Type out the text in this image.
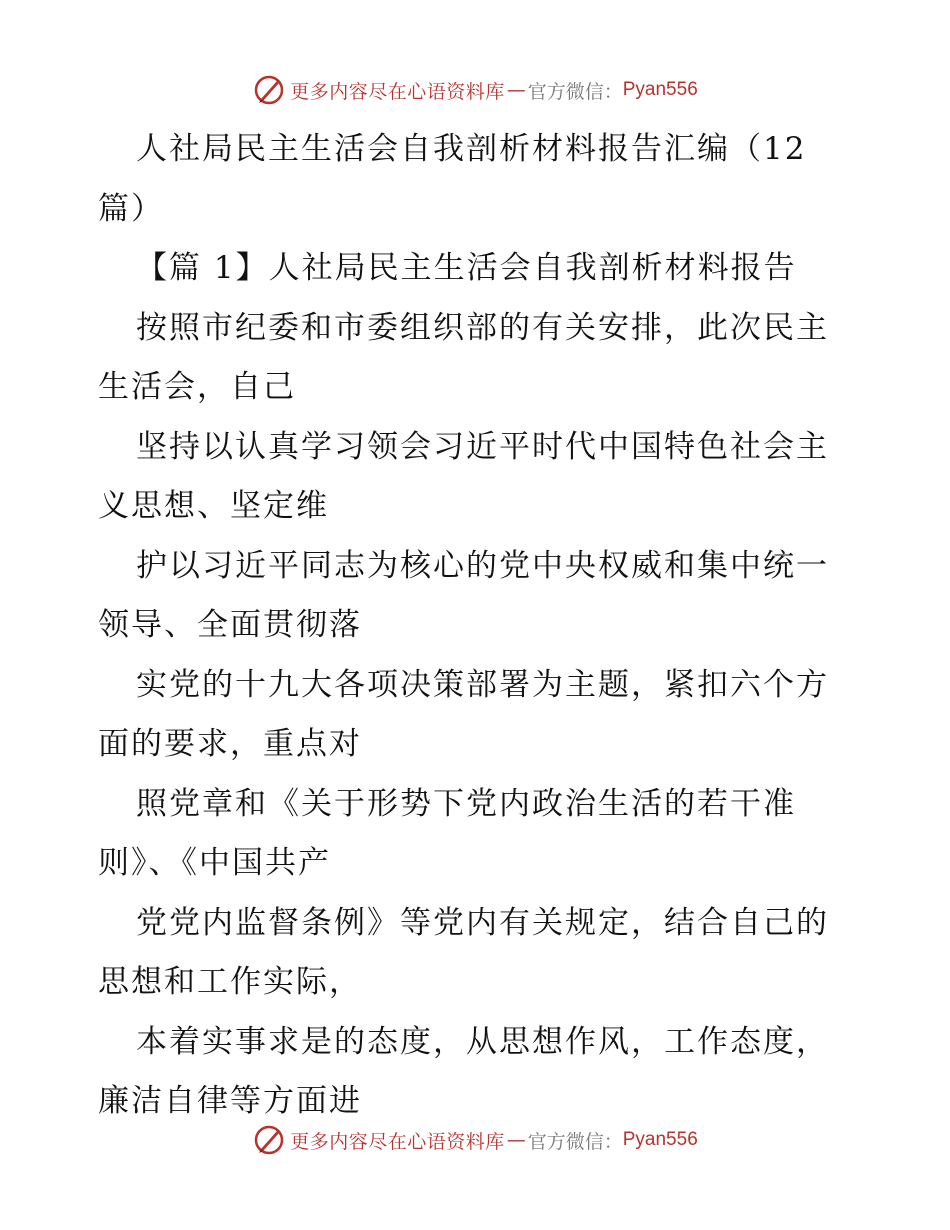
更多内容尽在心语资料库 — 官方微信： Pyan556
人社局民主生活会自我剖析材料报告汇编（12
篇）
【篇 1】人社局民主生活会自我剖析材料报告
按照市纪委和市委组织部的有关安排，此次民主
生活会，自己
坚持以认真学习领会习近平时代中国特色社会主
义思想、坚定维
护以习近平同志为核心的党中央权威和集中统一
领导、全面贯彻落
实党的十九大各项决策部署为主题，紧扣六个方
面的要求，重点对
照党章和《关于形势下党内政治生活的若干准
则》、《中国共产
党党内监督条例》等党内有关规定，结合自己的
思想和工作实际，
本着实事求是的态度，从思想作风，工作态度，
廉洁自律等方面进
更多内容尽在心语资料库 — 官方微信： Pyan556
